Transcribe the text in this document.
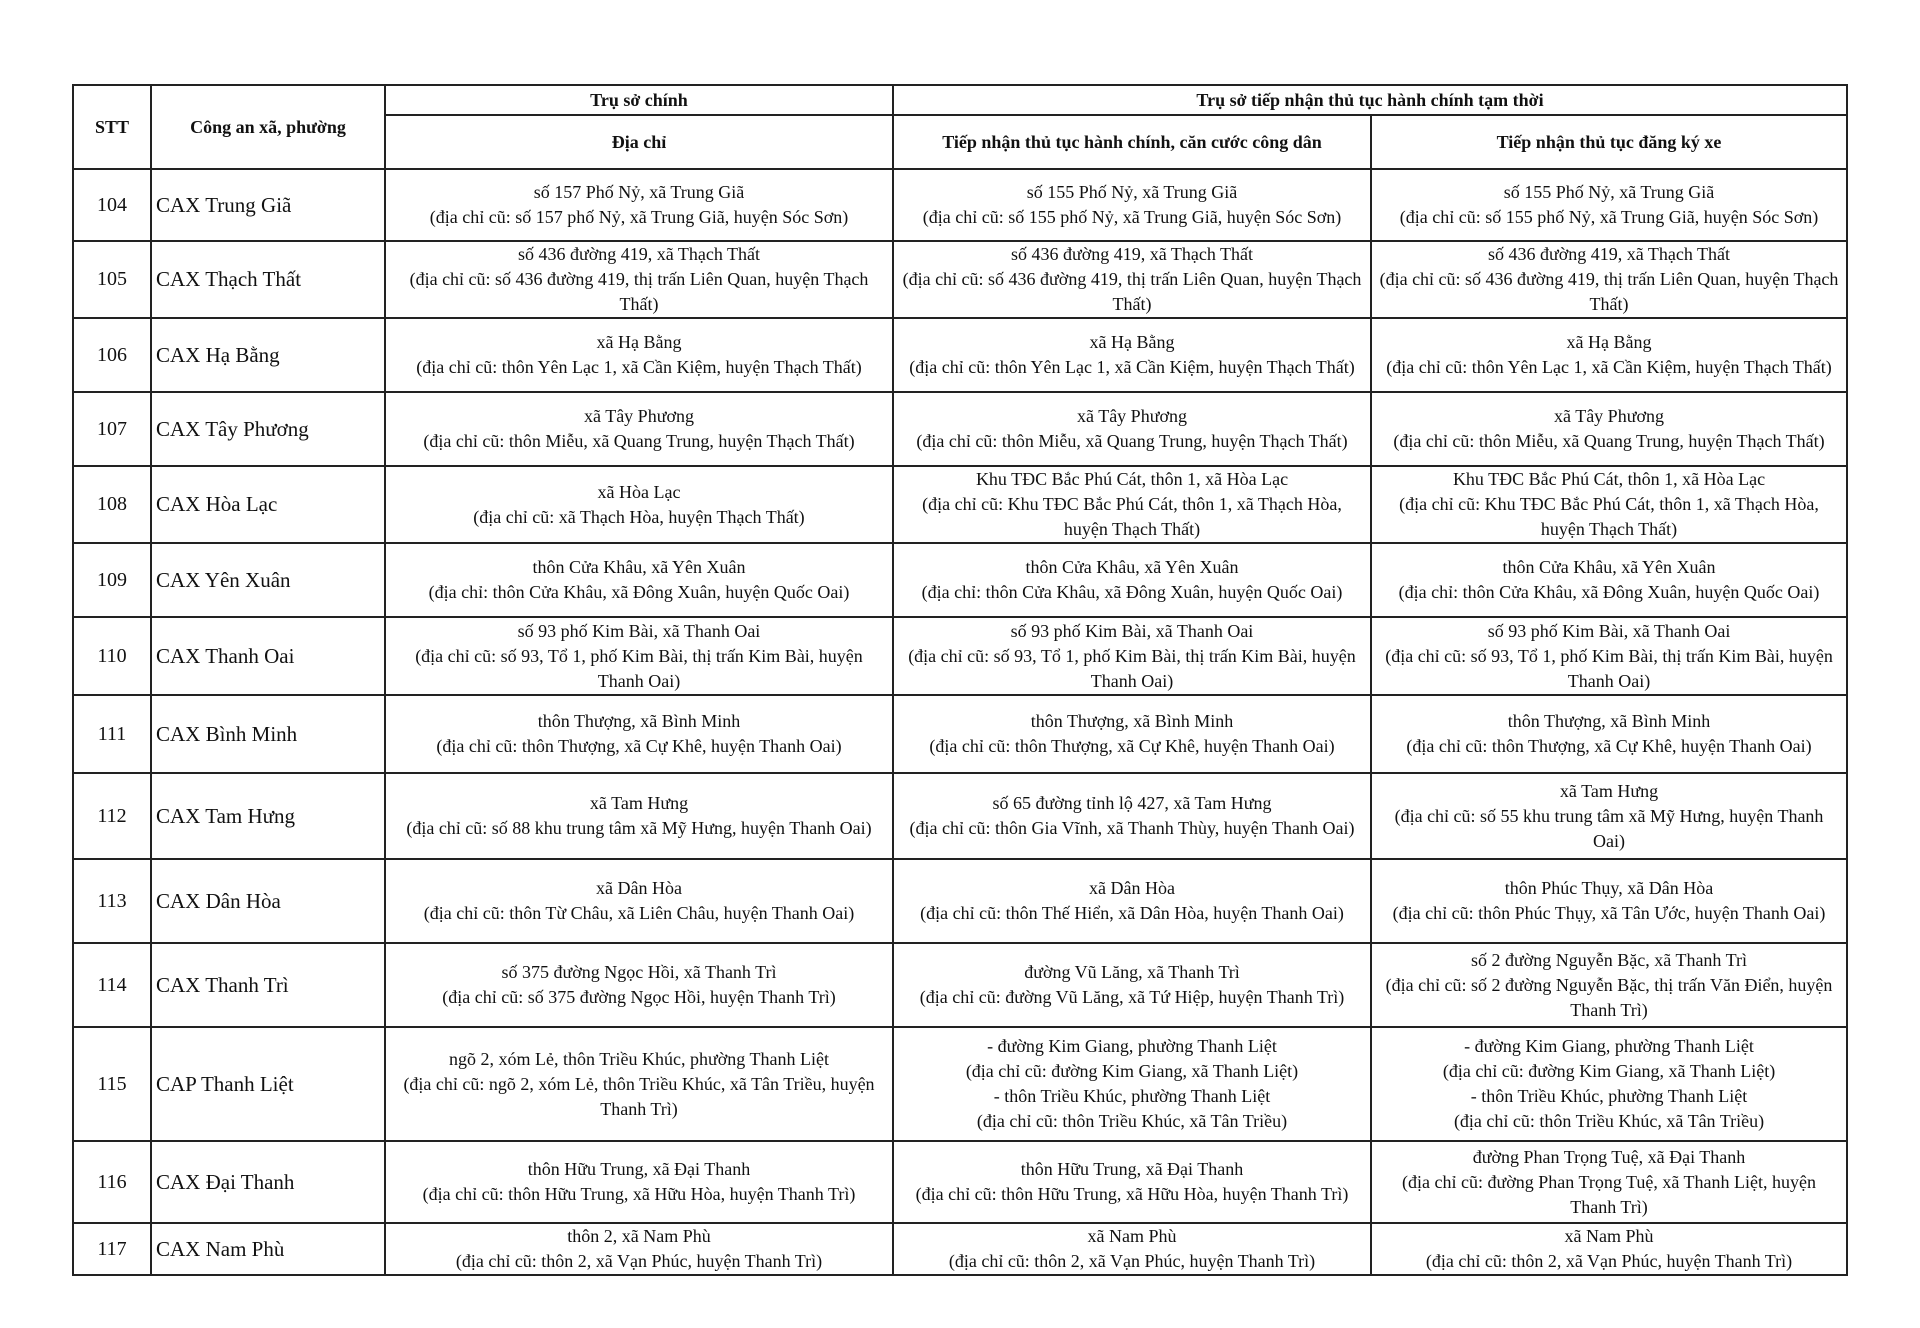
STT	Công an xã, phường	Trụ sở chính	Trụ sở tiếp nhận thủ tục hành chính tạm thời	
		Địa chỉ	Tiếp nhận thủ tục hành chính, căn cước công dân	Tiếp nhận thủ tục đăng ký xe
104	CAX Trung Giã	số 157 Phố Nỷ, xã Trung Giã
(địa chỉ cũ: số 157 phố Nỷ, xã Trung Giã, huyện Sóc Sơn)	số 155 Phố Nỷ, xã Trung Giã
(địa chỉ cũ: số 155 phố Nỷ, xã Trung Giã, huyện Sóc Sơn)	số 155 Phố Nỷ, xã Trung Giã
(địa chỉ cũ: số 155 phố Nỷ, xã Trung Giã, huyện Sóc Sơn)

105	CAX Thạch Thất	số 436 đường 419, xã Thạch Thất
(địa chỉ cũ: số 436 đường 419, thị trấn Liên Quan, huyện Thạch Thất)	số 436 đường 419, xã Thạch Thất
(địa chỉ cũ: số 436 đường 419, thị trấn Liên Quan, huyện Thạch Thất)	số 436 đường 419, xã Thạch Thất
(địa chỉ cũ: số 436 đường 419, thị trấn Liên Quan, huyện Thạch Thất)

106	CAX Hạ Bằng	xã Hạ Bằng
(địa chỉ cũ: thôn Yên Lạc 1, xã Cần Kiệm, huyện Thạch Thất)	xã Hạ Bằng
(địa chỉ cũ: thôn Yên Lạc 1, xã Cần Kiệm, huyện Thạch Thất)	xã Hạ Bằng
(địa chỉ cũ: thôn Yên Lạc 1, xã Cần Kiệm, huyện Thạch Thất)

107	CAX Tây Phương	xã Tây Phương
(địa chỉ cũ: thôn Miễu, xã Quang Trung, huyện Thạch Thất)	xã Tây Phương
(địa chỉ cũ: thôn Miễu, xã Quang Trung, huyện Thạch Thất)	xã Tây Phương
(địa chỉ cũ: thôn Miễu, xã Quang Trung, huyện Thạch Thất)

108	CAX Hòa Lạc	xã Hòa Lạc
(địa chỉ cũ: xã Thạch Hòa, huyện Thạch Thất)	Khu TĐC Bắc Phú Cát, thôn 1, xã Hòa Lạc
(địa chỉ cũ: Khu TĐC Bắc Phú Cát, thôn 1, xã Thạch Hòa, huyện Thạch Thất)	Khu TĐC Bắc Phú Cát, thôn 1, xã Hòa Lạc
(địa chỉ cũ: Khu TĐC Bắc Phú Cát, thôn 1, xã Thạch Hòa, huyện Thạch Thất)

109	CAX Yên Xuân	thôn Cửa Khâu, xã Yên Xuân
(địa chỉ: thôn Cửa Khâu, xã Đông Xuân, huyện Quốc Oai)	thôn Cửa Khâu, xã Yên Xuân
(địa chỉ: thôn Cửa Khâu, xã Đông Xuân, huyện Quốc Oai)	thôn Cửa Khâu, xã Yên Xuân
(địa chỉ: thôn Cửa Khâu, xã Đông Xuân, huyện Quốc Oai)

110	CAX Thanh Oai	số 93 phố Kim Bài, xã Thanh Oai
(địa chỉ cũ: số 93, Tổ 1, phố Kim Bài, thị trấn Kim Bài, huyện Thanh Oai)	số 93 phố Kim Bài, xã Thanh Oai
(địa chỉ cũ: số 93, Tổ 1, phố Kim Bài, thị trấn Kim Bài, huyện Thanh Oai)	số 93 phố Kim Bài, xã Thanh Oai
(địa chỉ cũ: số 93, Tổ 1, phố Kim Bài, thị trấn Kim Bài, huyện Thanh Oai)

111	CAX Bình Minh	thôn Thượng, xã Bình Minh
(địa chỉ cũ: thôn Thượng, xã Cự Khê, huyện Thanh Oai)	thôn Thượng, xã Bình Minh
(địa chỉ cũ: thôn Thượng, xã Cự Khê, huyện Thanh Oai)	thôn Thượng, xã Bình Minh
(địa chỉ cũ: thôn Thượng, xã Cự Khê, huyện Thanh Oai)

112	CAX Tam Hưng	xã Tam Hưng
(địa chỉ cũ: số 88 khu trung tâm xã Mỹ Hưng, huyện Thanh Oai)	số 65 đường tỉnh lộ 427, xã Tam Hưng
(địa chỉ cũ: thôn Gia Vĩnh, xã Thanh Thùy, huyện Thanh Oai)	xã Tam Hưng
(địa chỉ cũ: số 55 khu trung tâm xã Mỹ Hưng, huyện Thanh Oai)

113	CAX Dân Hòa	xã Dân Hòa
(địa chỉ cũ: thôn Từ Châu, xã Liên Châu, huyện Thanh Oai)	xã Dân Hòa
(địa chỉ cũ: thôn Thế Hiển, xã Dân Hòa, huyện Thanh Oai)	thôn Phúc Thụy, xã Dân Hòa
(địa chỉ cũ: thôn Phúc Thụy, xã Tân Ước, huyện Thanh Oai)

114	CAX Thanh Trì	số 375 đường Ngọc Hồi, xã Thanh Trì
(địa chỉ cũ: số 375 đường Ngọc Hồi, huyện Thanh Trì)	đường Vũ Lăng, xã Thanh Trì
(địa chỉ cũ: đường Vũ Lăng, xã Tứ Hiệp, huyện Thanh Trì)	số 2 đường Nguyễn Bặc, xã Thanh Trì
(địa chỉ cũ: số 2 đường Nguyễn Bặc, thị trấn Văn Điển, huyện Thanh Trì)

115	CAP Thanh Liệt	ngõ 2, xóm Lẻ, thôn Triều Khúc, phường Thanh Liệt
(địa chỉ cũ: ngõ 2, xóm Lẻ, thôn Triều Khúc, xã Tân Triều, huyện Thanh Trì)	- đường Kim Giang, phường Thanh Liệt
(địa chỉ cũ: đường Kim Giang, xã Thanh Liệt)
- thôn Triều Khúc, phường Thanh Liệt
(địa chỉ cũ: thôn Triều Khúc, xã Tân Triều)	- đường Kim Giang, phường Thanh Liệt
(địa chỉ cũ: đường Kim Giang, xã Thanh Liệt)
- thôn Triều Khúc, phường Thanh Liệt
(địa chỉ cũ: thôn Triều Khúc, xã Tân Triều)

116	CAX Đại Thanh	thôn Hữu Trung, xã Đại Thanh
(địa chỉ cũ: thôn Hữu Trung, xã Hữu Hòa, huyện Thanh Trì)	thôn Hữu Trung, xã Đại Thanh
(địa chỉ cũ: thôn Hữu Trung, xã Hữu Hòa, huyện Thanh Trì)	đường Phan Trọng Tuệ, xã Đại Thanh
(địa chỉ cũ: đường Phan Trọng Tuệ, xã Thanh Liệt, huyện Thanh Trì)

117	CAX Nam Phù	thôn 2, xã Nam Phù
(địa chỉ cũ: thôn 2, xã Vạn Phúc, huyện Thanh Trì)	xã Nam Phù
(địa chỉ cũ: thôn 2, xã Vạn Phúc, huyện Thanh Trì)	xã Nam Phù
(địa chỉ cũ: thôn 2, xã Vạn Phúc, huyện Thanh Trì)
